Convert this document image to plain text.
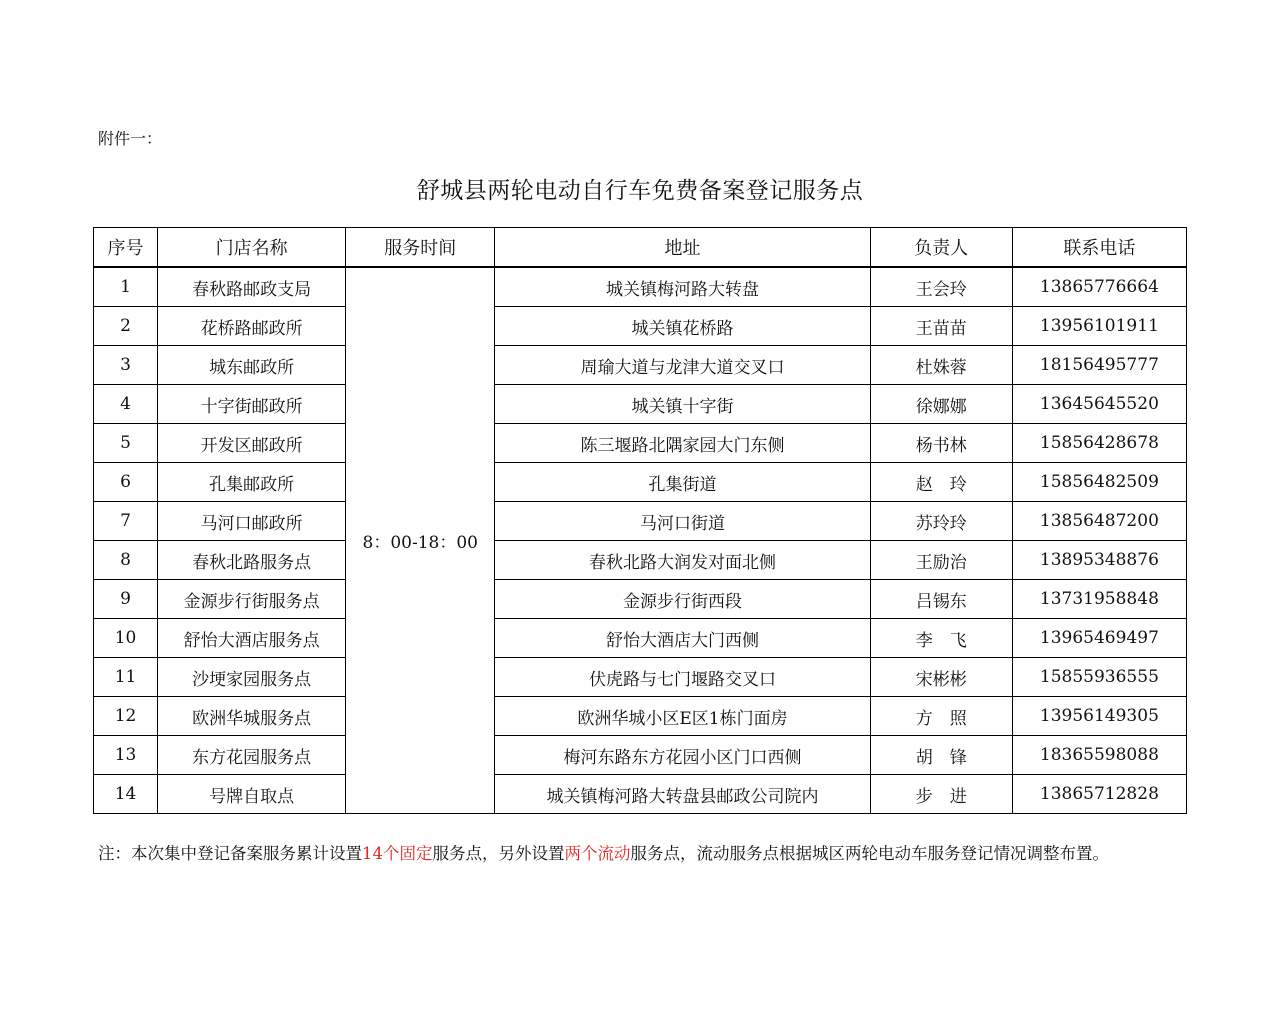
附件一：
舒城县两轮电动自行车免费备案登记服务点
序号	门店名称	服务时间	地址	负责人	联系电话
1	春秋路邮政支局	8：00-18：00	城关镇梅河路大转盘	王会玲	13865776664
2	花桥路邮政所		城关镇花桥路	王苗苗	13956101911
3	城东邮政所		周瑜大道与龙津大道交叉口	杜姝蓉	18156495777
4	十字街邮政所		城关镇十字街	徐娜娜	13645645520
5	开发区邮政所		陈三堰路北隅家园大门东侧	杨书林	15856428678
6	孔集邮政所		孔集街道	赵　玲	15856482509
7	马河口邮政所		马河口街道	苏玲玲	13856487200
8	春秋北路服务点		春秋北路大润发对面北侧	王励治	13895348876
9	金源步行街服务点		金源步行街西段	吕锡东	13731958848
10	舒怡大酒店服务点		舒怡大酒店大门西侧	李　飞	13965469497
11	沙埂家园服务点		伏虎路与七门堰路交叉口	宋彬彬	15855936555
12	欧洲华城服务点		欧洲华城小区E区1栋门面房	方　照	13956149305
13	东方花园服务点		梅河东路东方花园小区门口西侧	胡　锋	18365598088
14	号牌自取点		城关镇梅河路大转盘县邮政公司院内	步　进	13865712828
注：本次集中登记备案服务累计设置14个固定服务点，另外设置两个流动服务点，流动服务点根据城区两轮电动车服务登记情况调整布置。
